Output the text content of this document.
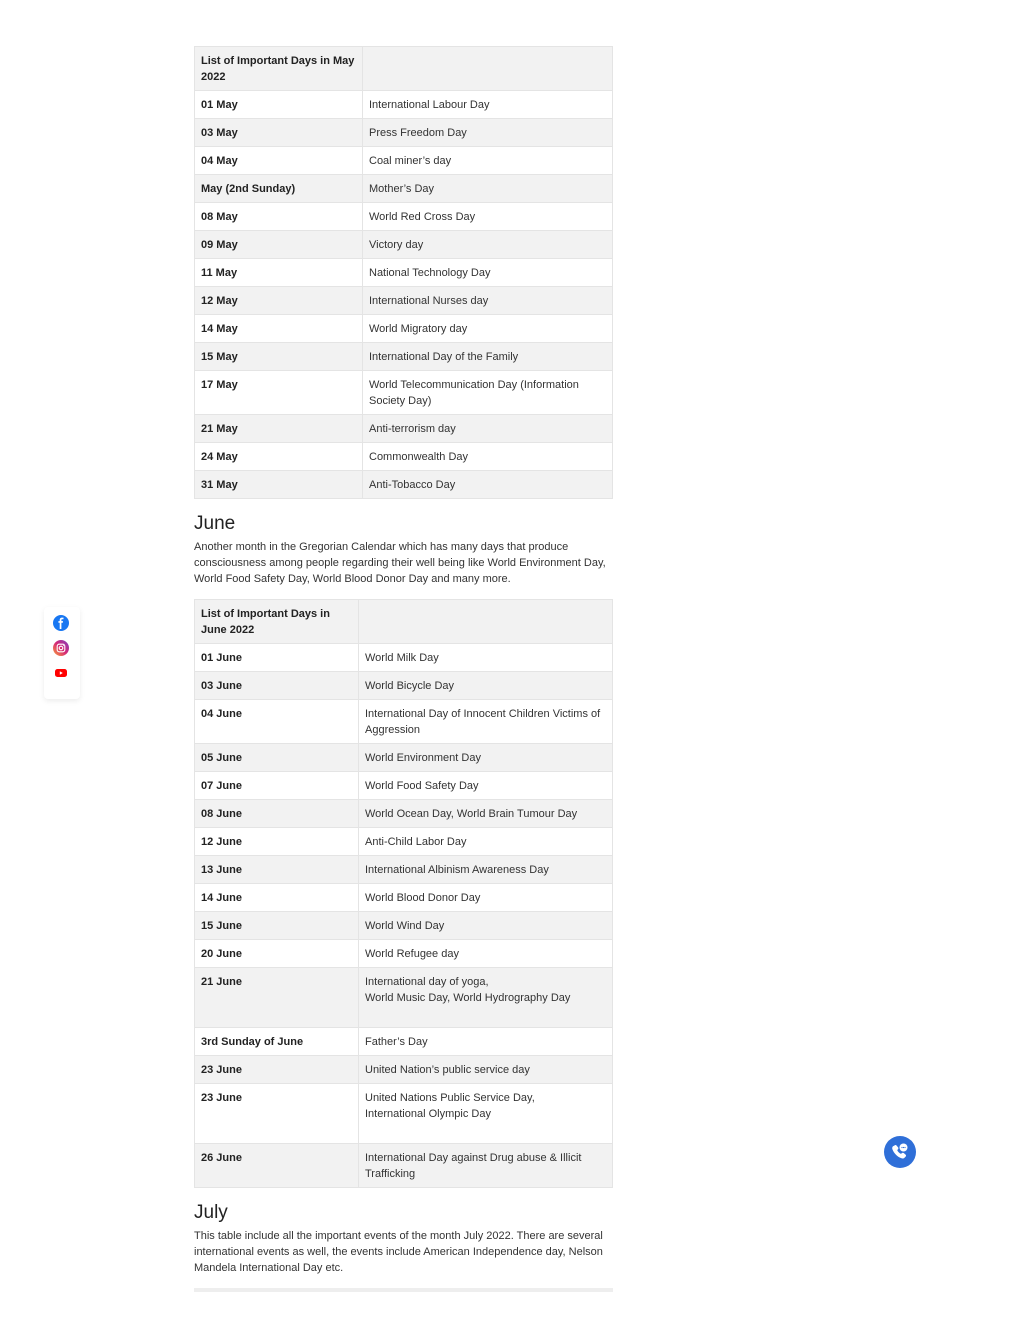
List of Important Days in May 2022	
01 May	International Labour Day
03 May	Press Freedom Day
04 May	Coal miner’s day
May (2nd Sunday)	Mother’s Day
08 May	World Red Cross Day
09 May	Victory day
11 May	National Technology Day
12 May	International Nurses day
14 May	World Migratory day
15 May	International Day of the Family
17 May	World Telecommunication Day (Information Society Day)
21 May	Anti-terrorism day
24 May	Commonwealth Day
31 May	Anti-Tobacco Day
June

Another month in the Gregorian Calendar which has many days that produce consciousness among people regarding their well being like World Environment Day, World Food Safety Day, World Blood Donor Day and many more.

List of Important Days in June 2022	
01 June	World Milk Day
03 June	World Bicycle Day
04 June	International Day of Innocent Children Victims of Aggression
05 June	World Environment Day
07 June	World Food Safety Day
08 June	World Ocean Day, World Brain Tumour Day
12 June	Anti-Child Labor Day
13 June	International Albinism Awareness Day
14 June	World Blood Donor Day
15 June	World Wind Day
20 June	World Refugee day
21 June	International day of yoga,
World Music Day, World Hydrography Day
3rd Sunday of June	Father’s Day
23 June	United Nation’s public service day
23 June	United Nations Public Service Day,
International Olympic Day
26 June	International Day against Drug abuse & Illicit Trafficking
July

This table include all the important events of the month July 2022. There are several international events as well, the events include American Independence day, Nelson Mandela International Day etc.
